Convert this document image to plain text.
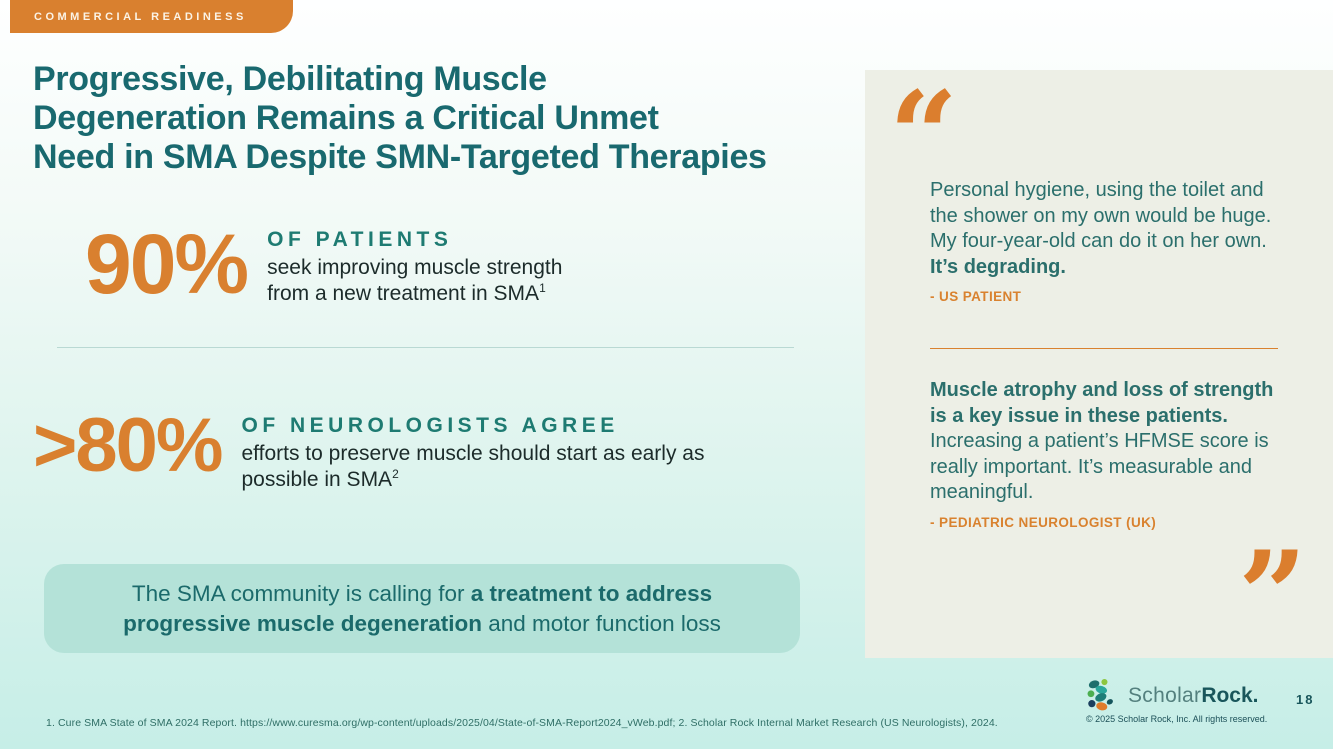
COMMERCIAL READINESS
Progressive, Debilitating Muscle
Degeneration Remains a Critical Unmet
Need in SMA Despite SMN-Targeted Therapies
90% OF PATIENTS
seek improving muscle strength from a new treatment in $SMA^1$
>80% OF NEUROLOGISTS AGREE
efforts to preserve muscle should start as early as possible in SMA$^2$
The SMA community is calling for a treatment to address progressive muscle degeneration and motor function loss
“

Personal hygiene, using the toilet and the shower on my own would be huge. My four-year-old can do it on her own. It’s degrading.

- US PATIENT

Muscle atrophy and loss of strength is a key issue in these patients. Increasing a patient’s HFMSE score is really important. It’s measurable and meaningful.

- PEDIATRIC NEUROLOGIST (UK)
”
1. Cure SMA State of SMA 2024 Report. https://www.curesma.org/wp-content/uploads/2025/04/State-of-SMA-Report2024_vWeb.pdf; 2. Scholar Rock Internal Market Research (US Neurologists), 2024.
Scholar Rock .	18
© 2025 Scholar Rock, Inc. All rights reserved.
